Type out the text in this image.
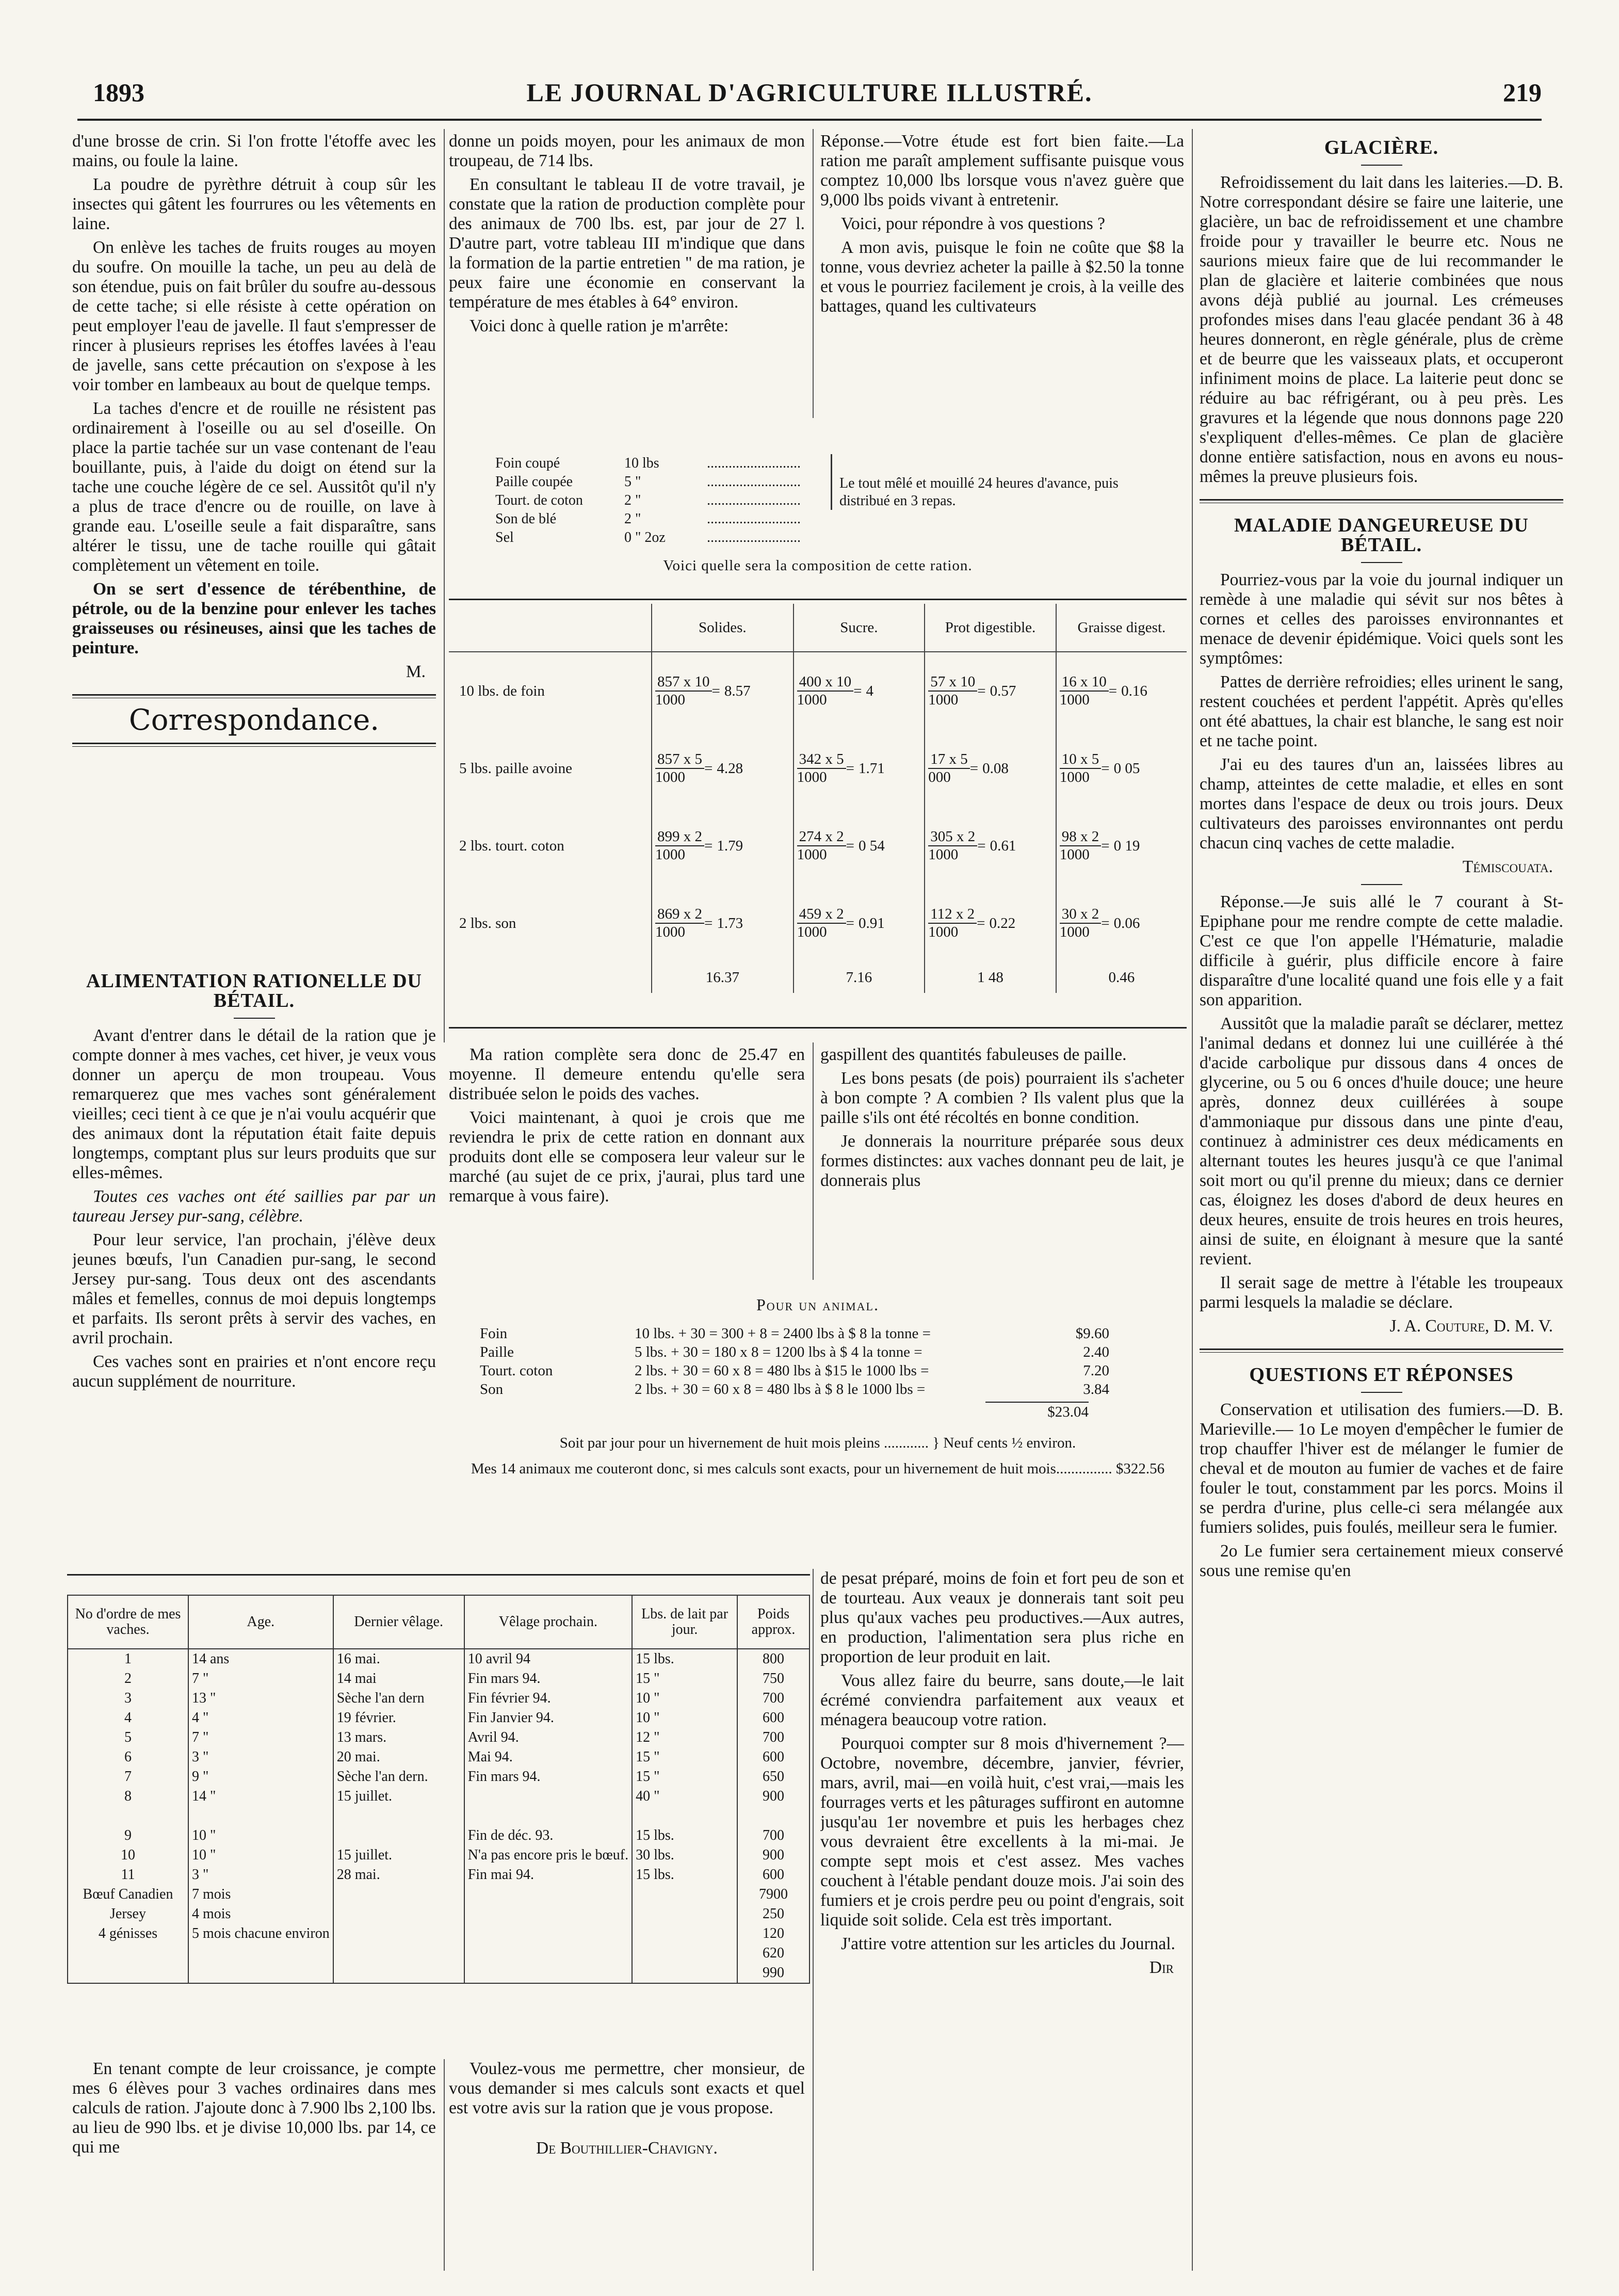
1893	LE JOURNAL D'AGRICULTURE ILLUSTRÉ.	219

d'une brosse de crin. Si l'on frotte l'étoffe avec les mains, ou foule la laine.

La poudre de pyrèthre détruit à coup sûr les insectes qui gâtent les fourrures ou les vêtements en laine.

On enlève les taches de fruits rouges au moyen du soufre. On mouille la tache, un peu au delà de son étendue, puis on fait brûler du soufre au-dessous de cette tache; si elle résiste à cette opération on peut employer l'eau de javelle. Il faut s'empresser de rincer à plusieurs reprises les étoffes lavées à l'eau de javelle, sans cette précaution on s'expose à les voir tomber en lambeaux au bout de quelque temps.

La taches d'encre et de rouille ne résistent pas ordinairement à l'oseille ou au sel d'oseille. On place la partie tachée sur un vase contenant de l'eau bouillante, puis, à l'aide du doigt on étend sur la tache une couche légère de ce sel. Aussitôt qu'il n'y a plus de trace d'encre ou de rouille, on lave à grande eau. L'oseille seule a fait disparaître, sans altérer le tissu, une de tache rouille qui gâtait complètement un vêtement en toile.

On se sert d'essence de térébenthine, de pétrole, ou de la benzine pour enlever les taches graisseuses ou résineuses, ainsi que les taches de peinture.

M.

Correspondance.
ALIMENTATION RATIONELLE DU BÉTAIL.

Avant d'entrer dans le détail de la ration que je compte donner à mes vaches, cet hiver, je veux vous donner un aperçu de mon troupeau. Vous remarquerez que mes vaches sont généralement vieilles; ceci tient à ce que je n'ai voulu acquérir que des animaux dont la réputation était faite depuis longtemps, comptant plus sur leurs produits que sur elles-mêmes.

Toutes ces vaches ont été saillies par par un taureau Jersey pur-sang, célèbre.

Pour leur service, l'an prochain, j'élève deux jeunes bœufs, l'un Canadien pur-sang, le second Jersey pur-sang. Tous deux ont des ascendants mâles et femelles, connus de moi depuis longtemps et parfaits. Ils seront prêts à servir des vaches, en avril prochain.

Ces vaches sont en prairies et n'ont encore reçu aucun supplément de nourriture.

donne un poids moyen, pour les animaux de mon troupeau, de 714 lbs.

En consultant le tableau II de votre travail, je constate que la ration de production complète pour des animaux de 700 lbs. est, par jour de 27 l. D'autre part, votre tableau III m'indique que dans la formation de la partie entretien " de ma ration, je peux faire une économie en conservant la température de mes étables à 64° environ.

Voici donc à quelle ration je m'arrête:

Réponse.—Votre étude est fort bien faite.—La ration me paraît amplement suffisante puisque vous comptez 10,000 lbs lorsque vous n'avez guère que 9,000 lbs poids vivant à entretenir.

Voici, pour répondre à vos questions ?

A mon avis, puisque le foin ne coûte que $8 la tonne, vous devriez acheter la paille à $2.50 la tonne et vous le pourriez facilement je crois, à la veille des battages, quand les cultivateurs

Foin coupé	10 lbs	..........................
Paille coupée	5 "	..........................
Tourt. de coton	2 "	..........................
Son de blé	2 "	..........................
Sel	0 " 2oz	..........................
Le tout mêlé et mouillé 24 heures d'avance, puis distribué en 3 repas.
Voici quelle sera la composition de cette ration.
	Solides.	Sucre.	Prot digestible.	Graisse digest.
10 lbs. de foin	$\frac{857 x 10}{1000} = 8.57$	$\frac{400 x 10}{1000} = 4$	$\frac{57 x 10}{1000} = 0.57$	$\frac{16 x 10}{1000} = 0.16$

5 lbs. paille avoine	$\frac{857 x 5}{1000} = 4.28$	$\frac{342 x 5}{1000} = 1.71$	$\frac{17 x 5}{000} = 0.08$	$\frac{10 x 5}{1000} = 0$ 05

2 lbs. tourt. coton	$\frac{899 x 2}{1000} = 1.79$	$\frac{274 x 2}{1000} = 0$ 54	$\frac{305 x 2}{1000} = 0.61$	$\frac{98 x 2}{1000} = 0$ 19

2 lbs. son	$\frac{869 x 2}{1000} = 1.73$	$\frac{459 x 2}{1000} = 0.91$	$\frac{112 x 2}{1000} = 0.22$	$\frac{30 x 2}{1000} = 0.06$

	16.37	7.16	1 48	0.46

Ma ration complète sera donc de 25.47 en moyenne. Il demeure entendu qu'elle sera distribuée selon le poids des vaches.

Voici maintenant, à quoi je crois que me reviendra le prix de cette ration en donnant aux produits dont elle se composera leur valeur sur le marché (au sujet de ce prix, j'aurai, plus tard une remarque à vous faire).

gaspillent des quantités fabuleuses de paille.

Les bons pesats (de pois) pourraient ils s'acheter à bon compte ? A combien ? Ils valent plus que la paille s'ils ont été récoltés en bonne condition.

Je donnerais la nourriture préparée sous deux formes distinctes: aux vaches donnant peu de lait, je donnerais plus

Pour un animal.
Foin	10 lbs. + 30 = 300 + 8 = 2400 lbs à $ 8 la tonne =	$9.60
Paille	5 lbs. + 30 = 180 x 8 = 1200 lbs à $ 4 la tonne =	2.40
Tourt. coton	2 lbs. + 30 = 60 x 8 = 480 lbs à $15 le 1000 lbs =	7.20
Son	2 lbs. + 30 = 60 x 8 = 480 lbs à $ 8 le 1000 lbs =	3.84
$23.04
Soit par jour pour un hivernement de huit mois pleins ............ } Neuf cents ½ environ.
Mes 14 animaux me couteront donc, si mes calculs sont exacts, pour un hivernement de huit mois............... $322.56
No d'ordre de mes vaches.	Age.	Dernier vêlage.	Vêlage prochain.	Lbs. de lait par jour.	Poids approx.
1	14 ans	16 mai.	10 avril 94	15 lbs.	800
2	7 "	14 mai	Fin mars 94.	15 "	750
3	13 "	Sèche l'an dern	Fin février 94.	10 "	700
4	4 "	19 février.	Fin Janvier 94.	10 "	600
5	7 "	13 mars.	Avril 94.	12 "	700
6	3 "	20 mai.	Mai 94.	15 "	600
7	9 "	Sèche l'an dern.	Fin mars 94.	15 "	650
8	14 "	15 juillet.		40 "	900

9	10 "		Fin de déc. 93.	15 lbs.	700
10	10 "	15 juillet.	N'a pas encore pris le bœuf.	30 lbs.	900
11	3 "	28 mai.	Fin mai 94.	15 lbs.	600
Bœuf Canadien	7 mois				7900
Jersey	4 mois				250
4 génisses	5 mois chacune environ				120
					620
					990

de pesat préparé, moins de foin et fort peu de son et de tourteau. Aux veaux je donnerais tant soit peu plus qu'aux vaches peu productives.—Aux autres, en production, l'alimentation sera plus riche en proportion de leur produit en lait.

Vous allez faire du beurre, sans doute,—le lait écrémé conviendra parfaitement aux veaux et ménagera beaucoup votre ration.

Pourquoi compter sur 8 mois d'hivernement ?—Octobre, novembre, décembre, janvier, février, mars, avril, mai—en voilà huit, c'est vrai,—mais les fourrages verts et les pâturages suffiront en automne jusqu'au 1er novembre et puis les herbages chez vous devraient être excellents à la mi-mai. Je compte sept mois et c'est assez. Mes vaches couchent à l'étable pendant douze mois. J'ai soin des fumiers et je crois perdre peu ou point d'engrais, soit liquide soit solide. Cela est très important.

J'attire votre attention sur les articles du Journal.

Dir

En tenant compte de leur croissance, je compte mes 6 élèves pour 3 vaches ordinaires dans mes calculs de ration. J'ajoute donc à 7.900 lbs 2,100 lbs. au lieu de 990 lbs. et je divise 10,000 lbs. par 14, ce qui me

Voulez-vous me permettre, cher monsieur, de vous demander si mes calculs sont exacts et quel est votre avis sur la ration que je vous propose.

De Bouthillier-Chavigny.

GLACIÈRE.

Refroidissement du lait dans les laiteries.—D. B. Notre correspondant désire se faire une laiterie, une glacière, un bac de refroidissement et une chambre froide pour y travailler le beurre etc. Nous ne saurions mieux faire que de lui recommander le plan de glacière et laiterie combinées que nous avons déjà publié au journal. Les crémeuses profondes mises dans l'eau glacée pendant 36 à 48 heures donneront, en règle générale, plus de crème et de beurre que les vaisseaux plats, et occuperont infiniment moins de place. La laiterie peut donc se réduire au bac réfrigérant, ou à peu près. Les gravures et la légende que nous donnons page 220 s'expliquent d'elles-mêmes. Ce plan de glacière donne entière satisfaction, nous en avons eu nous-mêmes la preuve plusieurs fois.

MALADIE DANGEUREUSE DU BÉTAIL.

Pourriez-vous par la voie du journal indiquer un remède à une maladie qui sévit sur nos bêtes à cornes et celles des paroisses environnantes et menace de devenir épidémique. Voici quels sont les symptômes:

Pattes de derrière refroidies; elles urinent le sang, restent couchées et perdent l'appétit. Après qu'elles ont été abattues, la chair est blanche, le sang est noir et ne tache point.

J'ai eu des taures d'un an, laissées libres au champ, atteintes de cette maladie, et elles en sont mortes dans l'espace de deux ou trois jours. Deux cultivateurs des paroisses environnantes ont perdu chacun cinq vaches de cette maladie.

Témiscouata.

Réponse.—Je suis allé le 7 courant à St-Epiphane pour me rendre compte de cette maladie. C'est ce que l'on appelle l'Hématurie, maladie difficile à guérir, plus difficile encore à faire disparaître d'une localité quand une fois elle y a fait son apparition.

Aussitôt que la maladie paraît se déclarer, mettez l'animal dedans et donnez lui une cuillérée à thé d'acide carbolique pur dissous dans 4 onces de glycerine, ou 5 ou 6 onces d'huile douce; une heure après, donnez deux cuillérées à soupe d'ammoniaque pur dissous dans une pinte d'eau, continuez à administrer ces deux médicaments en alternant toutes les heures jusqu'à ce que l'animal soit mort ou qu'il prenne du mieux; dans ce dernier cas, éloignez les doses d'abord de deux heures en deux heures, ensuite de trois heures en trois heures, ainsi de suite, en éloignant à mesure que la santé revient.

Il serait sage de mettre à l'étable les troupeaux parmi lesquels la maladie se déclare.

J. A. Couture, D. M. V.

QUESTIONS ET RÉPONSES

Conservation et utilisation des fumiers.—D. B. Marieville.— 1o Le moyen d'empêcher le fumier de trop chauffer l'hiver est de mélanger le fumier de cheval et de mouton au fumier de vaches et de faire fouler le tout, constamment par les porcs. Moins il se perdra d'urine, plus celle-ci sera mélangée aux fumiers solides, puis foulés, meilleur sera le fumier.

2o Le fumier sera certainement mieux conservé sous une remise qu'en
